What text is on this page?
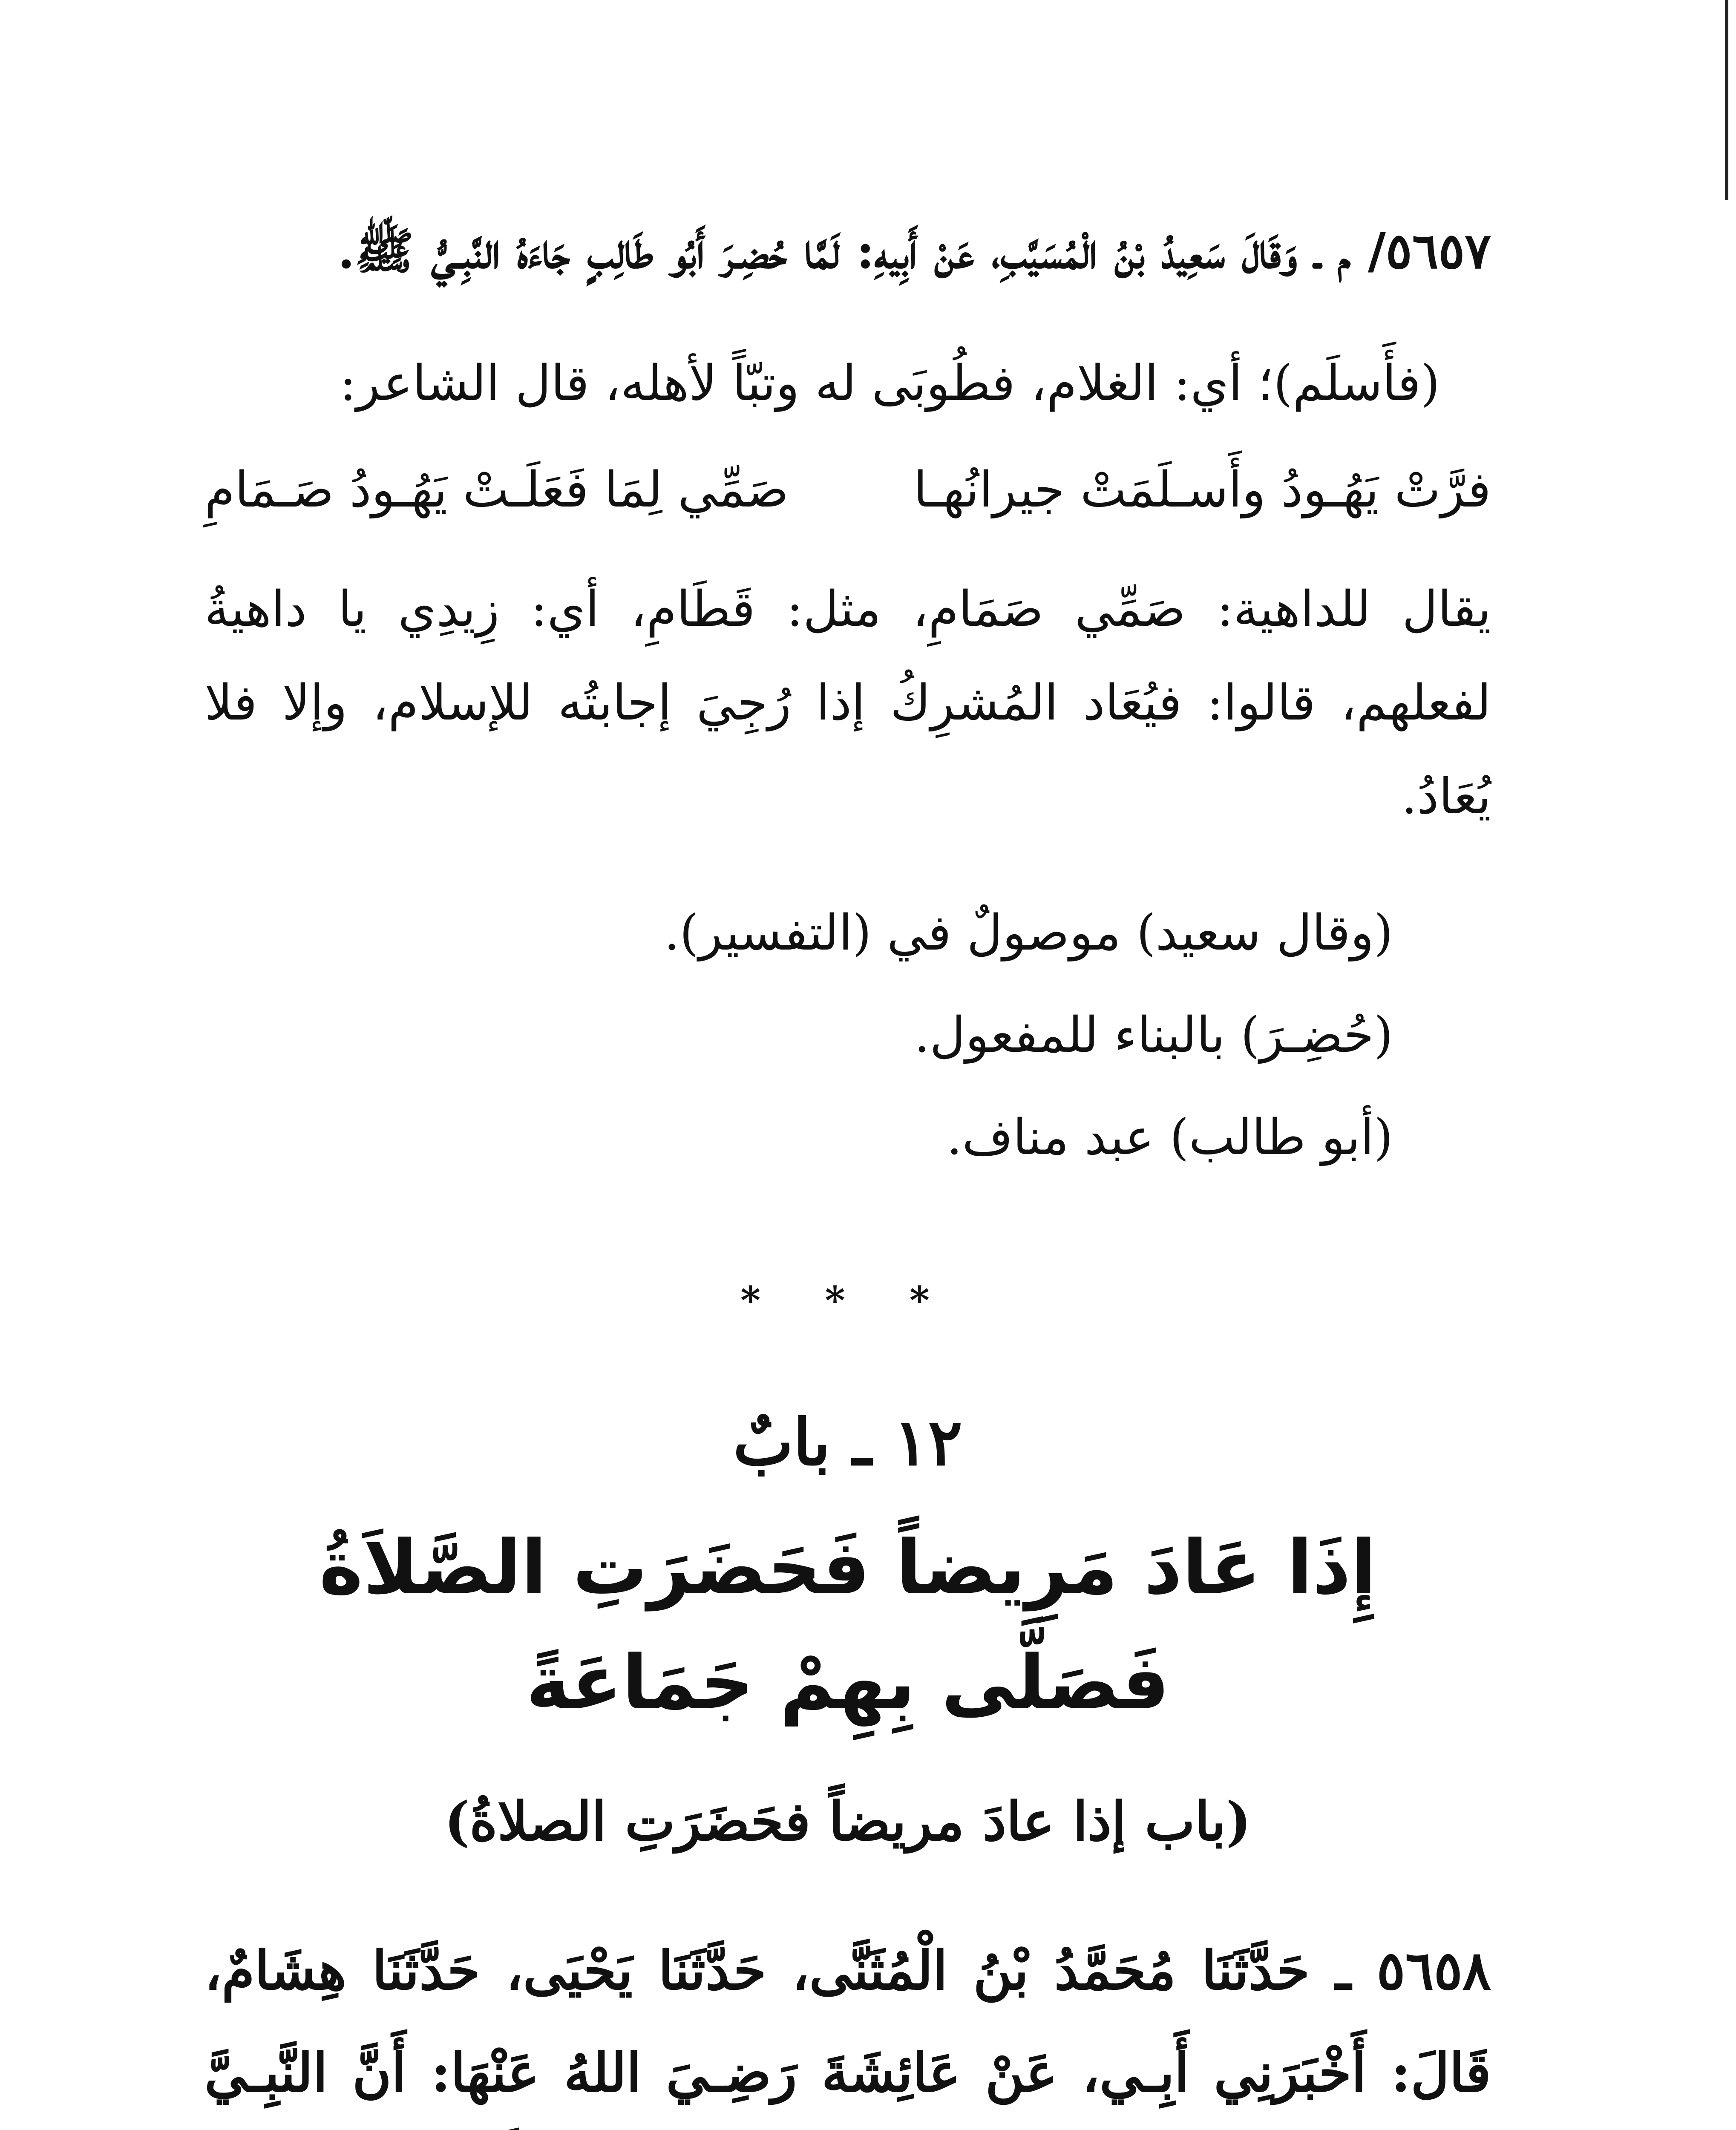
٥٦٥٧/ م ـ وَقَالَ سَعِيدُ بْنُ الْمُسَيَّبِ، عَنْ أَبِيهِ: لَمَّا حُضِـرَ أَبُو طَالِبٍ جَاءَهُ النَّبِـيُّ ﷺ.

(فأَسلَم)؛ أي: الغلام، فطُوبَى له وتبّاً لأهله، قال الشاعر:

فرَّتْ يَهُـودُ وأَسـلَمَتْ جيرانُهـا
صَمِّي لِمَا فَعَلَـتْ يَهُـودُ صَـمَامِ

يقال للداهية: صَمِّي صَمَامِ، مثل: قَطَامِ، أي: زِيدِي يا داهيةُ لفعلهم، قالوا: فيُعَاد المُشرِكُ إذا رُجِيَ إجابتُه للإسلام، وإلا فلا يُعَادُ.

(وقال سعيد) موصولٌ في (التفسير).

(حُضِـرَ) بالبناء للمفعول.

(أبو طالب) عبد مناف.

* * *
١٢ ـ بابٌ
إِذَا عَادَ مَرِيضاً فَحَضَرَتِ الصَّلاَةُ فَصَلَّى بِهِمْ جَمَاعَةً
(باب إذا عادَ مريضاً فحَضَرَتِ الصلاةُ)

٥٦٥٨ ـ حَدَّثَنَا مُحَمَّدُ بْنُ الْمُثَنَّى، حَدَّثَنَا يَحْيَى، حَدَّثَنَا هِشَامٌ، قَالَ: أَخْبَرَنِي أَبِـي، عَنْ عَائِشَةَ رَضِـيَ اللهُ عَنْهَا: أَنَّ النَّبِـيَّ
